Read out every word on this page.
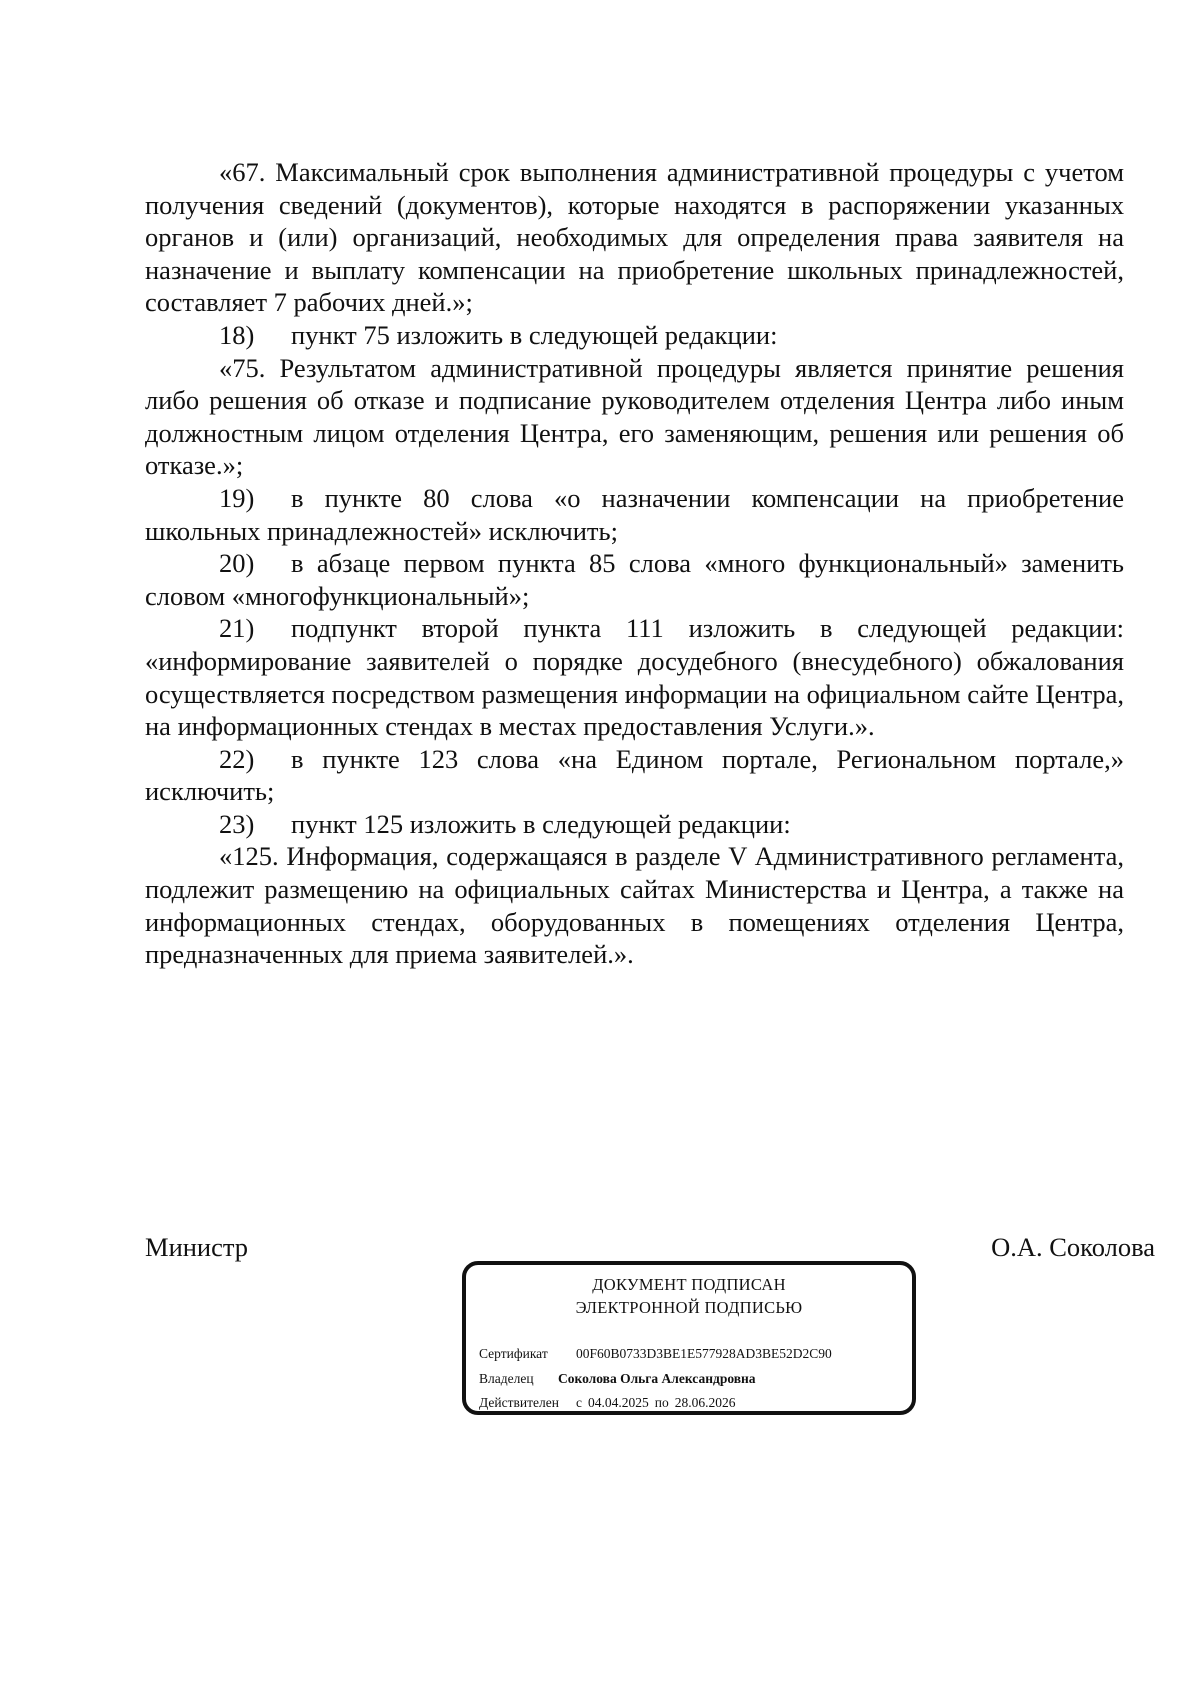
«67. Максимальный срок выполнения административной процедуры с учетом получения сведений (документов), которые находятся в распоряжении указанных органов и (или) организаций, необходимых для определения права заявителя на назначение и выплату компенсации на приобретение школьных принадлежностей, составляет 7 рабочих дней.»;

18) пункт 75 изложить в следующей редакции:

«75. Результатом административной процедуры является принятие решения либо решения об отказе и подписание руководителем отделения Центра либо иным должностным лицом отделения Центра, его заменяющим, решения или решения об отказе.»;

19) в пункте 80 слова «о назначении компенсации на приобретение школьных принадлежностей» исключить;

20) в абзаце первом пункта 85 слова «много функциональный» заменить словом «многофункциональный»;

21) подпункт второй пункта 111 изложить в следующей редакции: «информирование заявителей о порядке досудебного (внесудебного) обжалования осуществляется посредством размещения информации на официальном сайте Центра, на информационных стендах в местах предоставления Услуги.».

22) в пункте 123 слова «на Едином портале, Региональном портале,» исключить;

23) пункт 125 изложить в следующей редакции:

«125. Информация, содержащаяся в разделе V Административного регламента, подлежит размещению на официальных сайтах Министерства и Центра, а также на информационных стендах, оборудованных в помещениях отделения Центра, предназначенных для приема заявителей.».

Министр	О.А. Соколова
ДОКУМЕНТ ПОДПИСАН
ЭЛЕКТРОННОЙ ПОДПИСЬЮ
Сертификат 00F60B0733D3BE1E577928AD3BE52D2C90
Владелец Соколова Ольга Александровна
Действителен с 04.04.2025 по 28.06.2026
